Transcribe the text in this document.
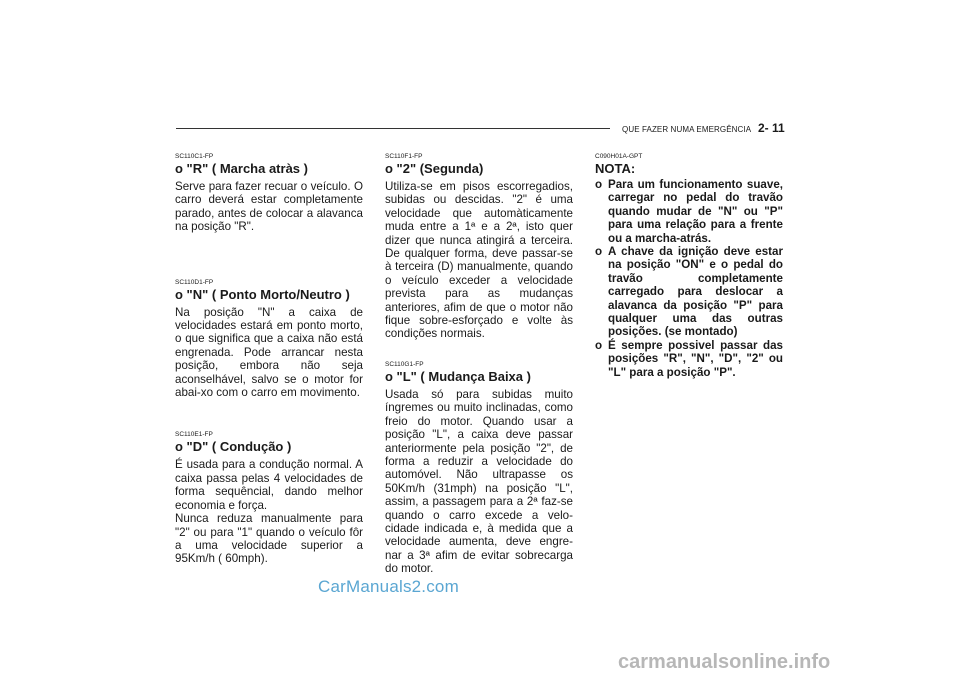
QUE FAZER NUMA EMERGÊNCIA 2- 11
SC110C1-FP
o "R" ( Marcha atràs )

Serve para fazer recuar o veículo. O carro deverá estar completamente parado, antes de colocar a alavanca na posição "R".

SC110D1-FP
o "N" ( Ponto Morto/Neutro )

Na posição "N" a caixa de velocidades estará em ponto morto, o que significa que a caixa não está engrenada. Pode arrancar nesta posição, embora não seja aconselhável, salvo se o motor for abai-xo com o carro em movimento.

SC110E1-FP
o "D" ( Condução )

É usada para a condução normal. A caixa passa pelas 4 velocidades de forma sequêncial, dando melhor economia e força.

Nunca reduza manualmente para "2" ou para "1" quando o veículo fôr a uma velocidade superior a 95Km/h ( 60mph).

SC110F1-FP
o "2" (Segunda)

Utiliza-se em pisos escorregadios, subidas ou descidas. "2" é uma velocidade que automàticamente muda entre a 1ª e a 2ª, isto quer dizer que nunca atingirá a terceira. De qualquer forma, deve passar-se à terceira (D) manualmente, quando o veículo exceder a velocidade prevista para as mudanças anteriores, afim de que o motor não fique sobre-esforçado e volte às condições normais.

SC110G1-FP
o "L" ( Mudança Baixa )

Usada só para subidas muito íngremes ou muito inclinadas, como freio do motor. Quando usar a posição "L", a caixa deve passar anteriormente pela posição "2", de forma a reduzir a velocidade do automóvel. Não ultrapasse os 50Km/h (31mph) na posição "L", assim, a passagem para a 2ª faz-se quando o carro excede a velo-cidade indicada e, à medida que a velocidade aumenta, deve engre-nar a 3ª afim de evitar sobrecarga do motor.

C090H01A-GPT
NOTA:
o Para um funcionamento suave, carregar no pedal do travão quando mudar de "N" ou "P" para uma relação para a frente ou a marcha-atrás.
o A chave da ignição deve estar na posição "ON" e o pedal do travão completamente carregado para deslocar a alavanca da posição "P" para qualquer uma das outras posições. (se montado)
o É sempre possivel passar das posições "R", "N", "D", "2" ou "L" para a posição "P".
CarManuals2.com
carmanualsonline.info
